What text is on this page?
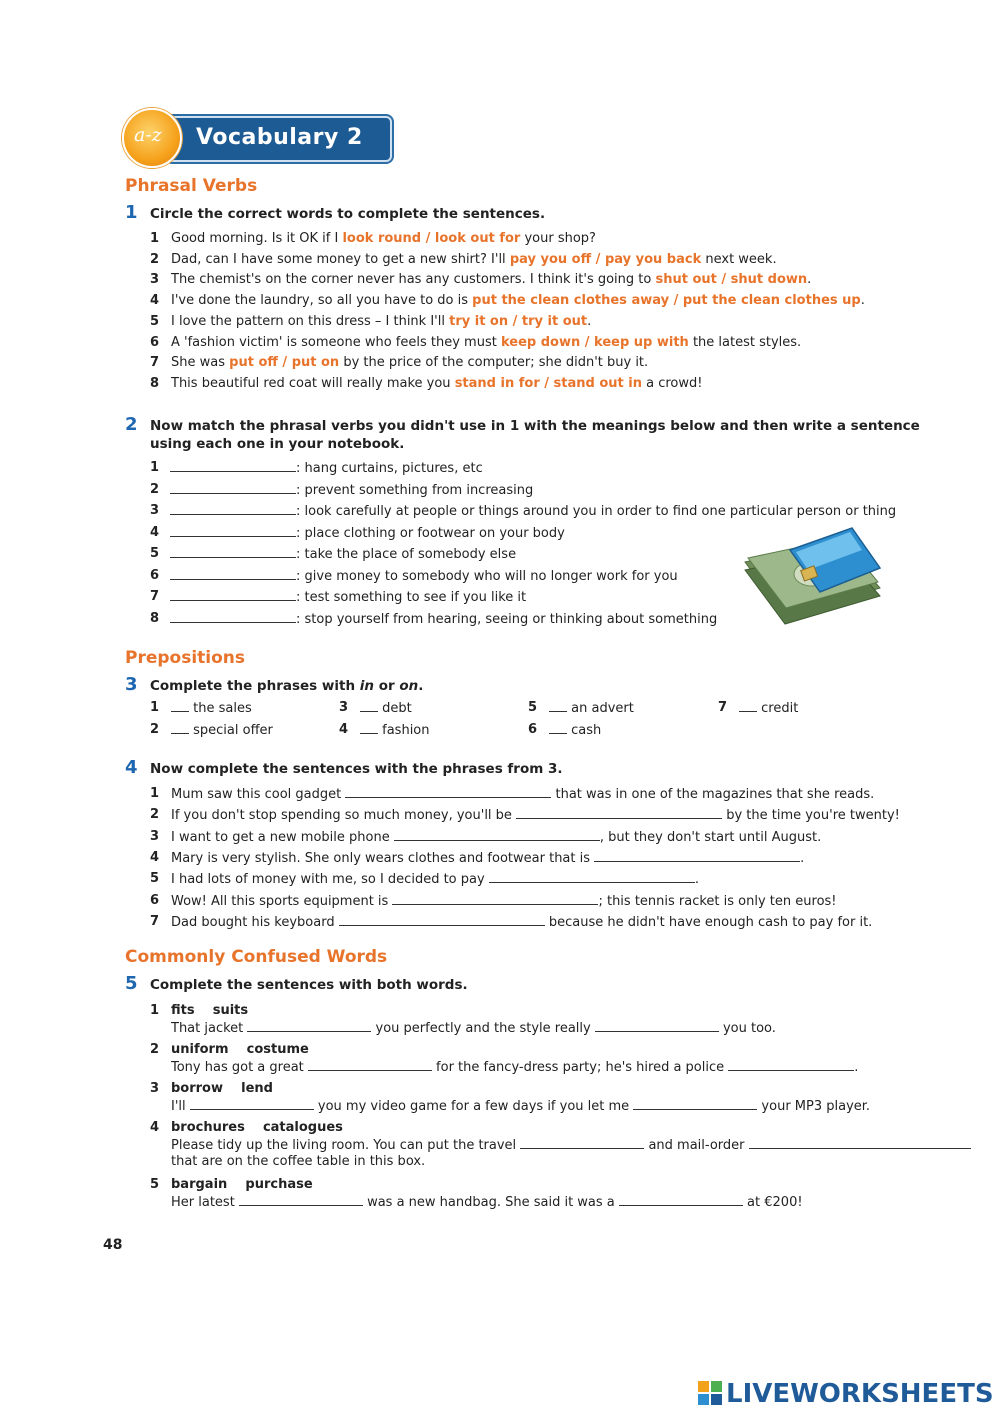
Vocabulary 2
a-z
Phrasal Verbs
1 Circle the correct words to complete the sentences.
1 Good morning. Is it OK if I look round / look out for your shop?
2 Dad, can I have some money to get a new shirt? I'll pay you off / pay you back next week.
3 The chemist's on the corner never has any customers. I think it's going to shut out / shut down.
4 I've done the laundry, so all you have to do is put the clean clothes away / put the clean clothes up.
5 I love the pattern on this dress – I think I'll try it on / try it out.
6 A 'fashion victim' is someone who feels they must keep down / keep up with the latest styles.
7 She was put off / put on by the price of the computer; she didn't buy it.
8 This beautiful red coat will really make you stand in for / stand out in a crowd!
2 Now match the phrasal verbs you didn't use in 1 with the meanings below and then write a sentence
using each one in your notebook.
1	: hang curtains, pictures, etc
2	: prevent something from increasing
3	: look carefully at people or things around you in order to find one particular person or thing
4	: place clothing or footwear on your body
5	: take the place of somebody else
6	: give money to somebody who will no longer work for you
7	: test something to see if you like it
8	: stop yourself from hearing, seeing or thinking about something
Prepositions
3 Complete the phrases with in or on.
1	the sales
2	special offer
3	debt
4	fashion
5	an advert
6	cash
7	credit
4 Now complete the sentences with the phrases from 3.
1 Mum saw this cool gadget	that was in one of the magazines that she reads.
2 If you don't stop spending so much money, you'll be	by the time you're twenty!
3 I want to get a new mobile phone	, but they don't start until August.
4 Mary is very stylish. She only wears clothes and footwear that is	.
5 I had lots of money with me, so I decided to pay	.
6 Wow! All this sports equipment is	; this tennis racket is only ten euros!
7 Dad bought his keyboard	because he didn't have enough cash to pay for it.
Commonly Confused Words
5 Complete the sentences with both words.
1 fits suits
That jacket	you perfectly and the style really	you too.
2 uniform costume
Tony has got a great	for the fancy-dress party; he's hired a police	.
3 borrow lend
I'll	you my video game for a few days if you let me	your MP3 player.
4 brochures catalogues
Please tidy up the living room. You can put the travel	and mail-order
that are on the coffee table in this box.
5 bargain purchase
Her latest	was a new handbag. She said it was a	at €200!
48
LIVEWORKSHEETS
